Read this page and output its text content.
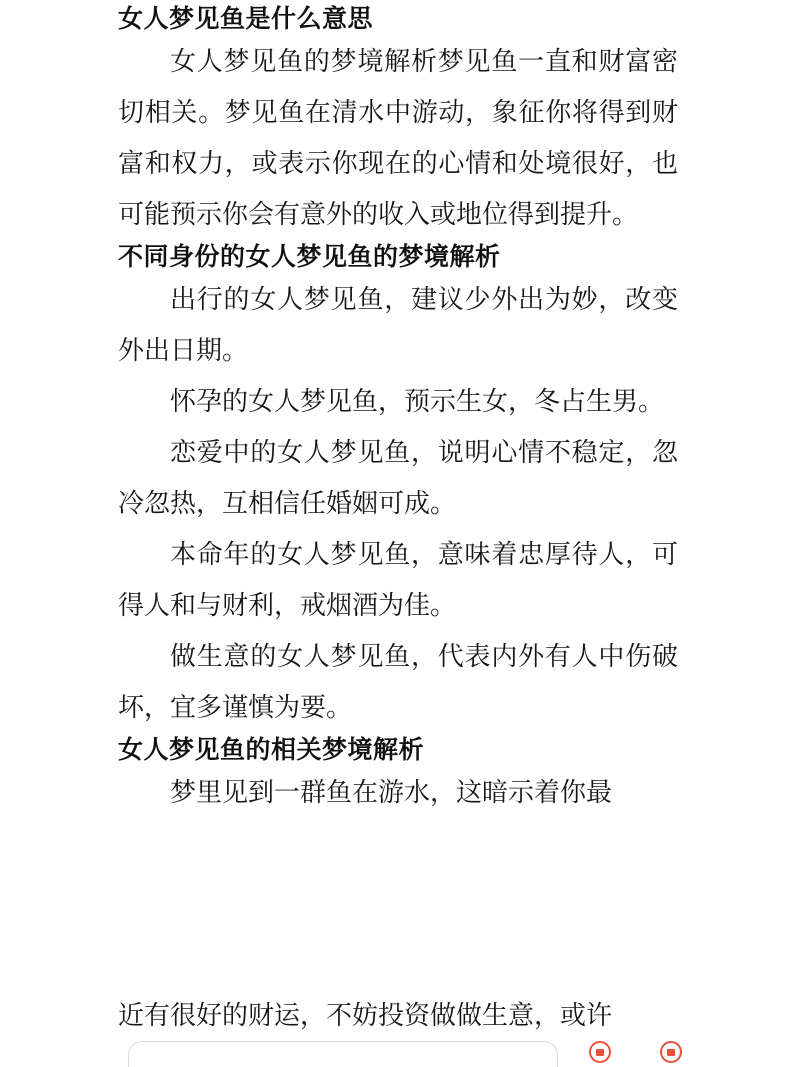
女人梦见鱼是什么意思

女人梦见鱼的梦境解析梦见鱼一直和财富密切相关。梦见鱼在清水中游动，象征你将得到财富和权力，或表示你现在的心情和处境很好，也可能预示你会有意外的收入或地位得到提升。

不同身份的女人梦见鱼的梦境解析

出行的女人梦见鱼，建议少外出为妙，改变外出日期。

怀孕的女人梦见鱼，预示生女，冬占生男。

恋爱中的女人梦见鱼，说明心情不稳定，忽冷忽热，互相信任婚姻可成。

本命年的女人梦见鱼，意味着忠厚待人，可得人和与财利，戒烟酒为佳。

做生意的女人梦见鱼，代表内外有人中伤破坏，宜多谨慎为要。

女人梦见鱼的相关梦境解析

梦里见到一群鱼在游水，这暗示着你最

近有很好的财运，不妨投资做做生意，或许
